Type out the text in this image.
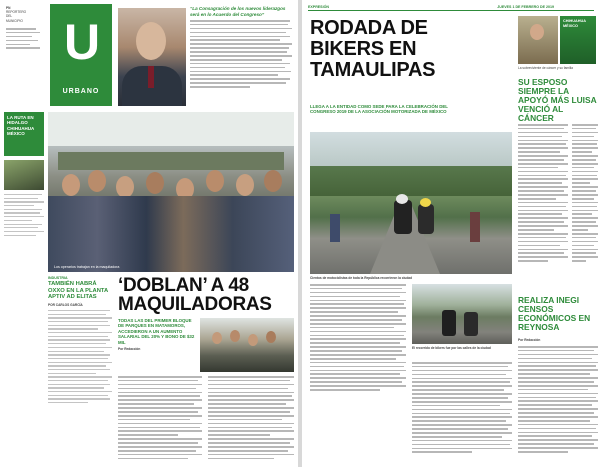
PN
REPORTERO
DEL
MUNICIPIO U
URBANO
“La Consagración de los nuevos liderazgos será en lo Acuerdo del Congreso”
LA RUTA EN HIDALGO CHIHUAHUA MÉXICO
Los operarios trabajan en la maquiladora
INDUSTRIA
TAMBIÉN HABRÁ OXXO EN LA PLANTA APTIV AD ELITAS
POR CARLOS GARCÍA
‘DOBLAN’ A 48 MAQUILADORAS
TODAS LAS DEL PRIMER BLOQUE DE PARQUES EN MATAMOROS, ACCEDIERON A UN AUMENTO SALARIAL DEL 20% Y BONO DE $32 MIL
Por Redacción
EXPRESIÓN	JUEVES 1 DE FEBRERO DE 2019
RODADA DE BIKERS EN TAMAULIPAS
LLEGA A LA ENTIDAD COMO SEDE PARA LA CELEBRACIÓN DEL CONGRESO 2019 DE LA ASOCIACIÓN MOTORIZADA DE MÉXICO
Cientos de motociclistas de toda la República recorrieron la ciudad
CHIHUAHUA MÉXICO
La sobreviviente de cáncer y su familia
SU ESPOSO SIEMPRE LA APOYÓ MÁS LUISA VENCIÓ AL CÁNCER
El recorrido de bikers fue por las calles de la ciudad
REALIZA INEGI CENSOS ECONÓMICOS EN REYNOSA
Por Redacción
